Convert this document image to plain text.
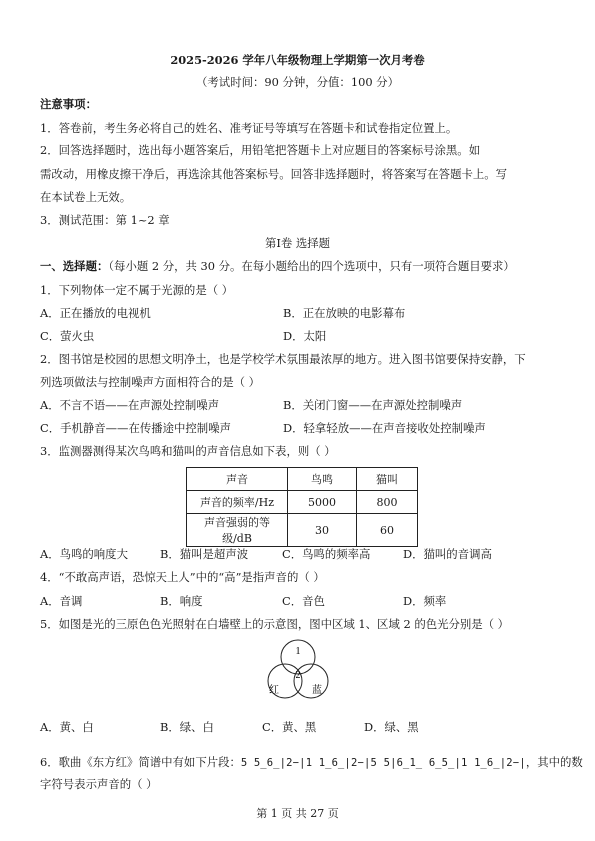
2025-2026 学年八年级物理上学期第一次月考卷
（考试时间：90 分钟，分值：100 分）
注意事项：
1．答卷前，考生务必将自己的姓名、准考证号等填写在答题卡和试卷指定位置上。
2．回答选择题时，选出每小题答案后，用铅笔把答题卡上对应题目的答案标号涂黑。如
需改动，用橡皮擦干净后，再选涂其他答案标号。回答非选择题时，将答案写在答题卡上。写
在本试卷上无效。
3．测试范围：第 1~2 章
第Ⅰ卷 选择题
一、选择题：（每小题 2 分，共 30 分。在每小题给出的四个选项中，只有一项符合题目要求）
1．下列物体一定不属于光源的是（ ）
A．正在播放的电视机	B．正在放映的电影幕布
C．萤火虫	D．太阳
2．图书馆是校园的思想文明净土，也是学校学术氛围最浓厚的地方。进入图书馆要保持安静，下
列选项做法与控制噪声方面相符合的是（ ）
A．不言不语——在声源处控制噪声	B．关闭门窗——在声源处控制噪声
C．手机静音——在传播途中控制噪声	D．轻拿轻放——在声音接收处控制噪声
3．监测器测得某次鸟鸣和猫叫的声音信息如下表，则（ ）
声音	鸟鸣	猫叫
声音的频率/Hz	5000	800
声音强弱的等级/dB	30	60
A．鸟鸣的响度大	B．猫叫是超声波	C．鸟鸣的频率高	D．猫叫的音调高
4．“不敢高声语，恐惊天上人”中的“高”是指声音的（ ）
A．音调	B．响度	C．音色	D．频率
5．如图是光的三原色色光照射在白墙壁上的示意图，图中区域 1、区域 2 的色光分别是（ ）
1
2
红	蓝
A．黄、白	B．绿、白	C．黄、黑	D．绿、黑
6．歌曲《东方红》简谱中有如下片段：5 5̲6̲|2−|1 1̲6̲|2−|5 5|6̲1̲ 6̲5̲|1 1̲6̲|2−|，其中的数
字符号表示声音的（ ）
第 1 页 共 27 页
